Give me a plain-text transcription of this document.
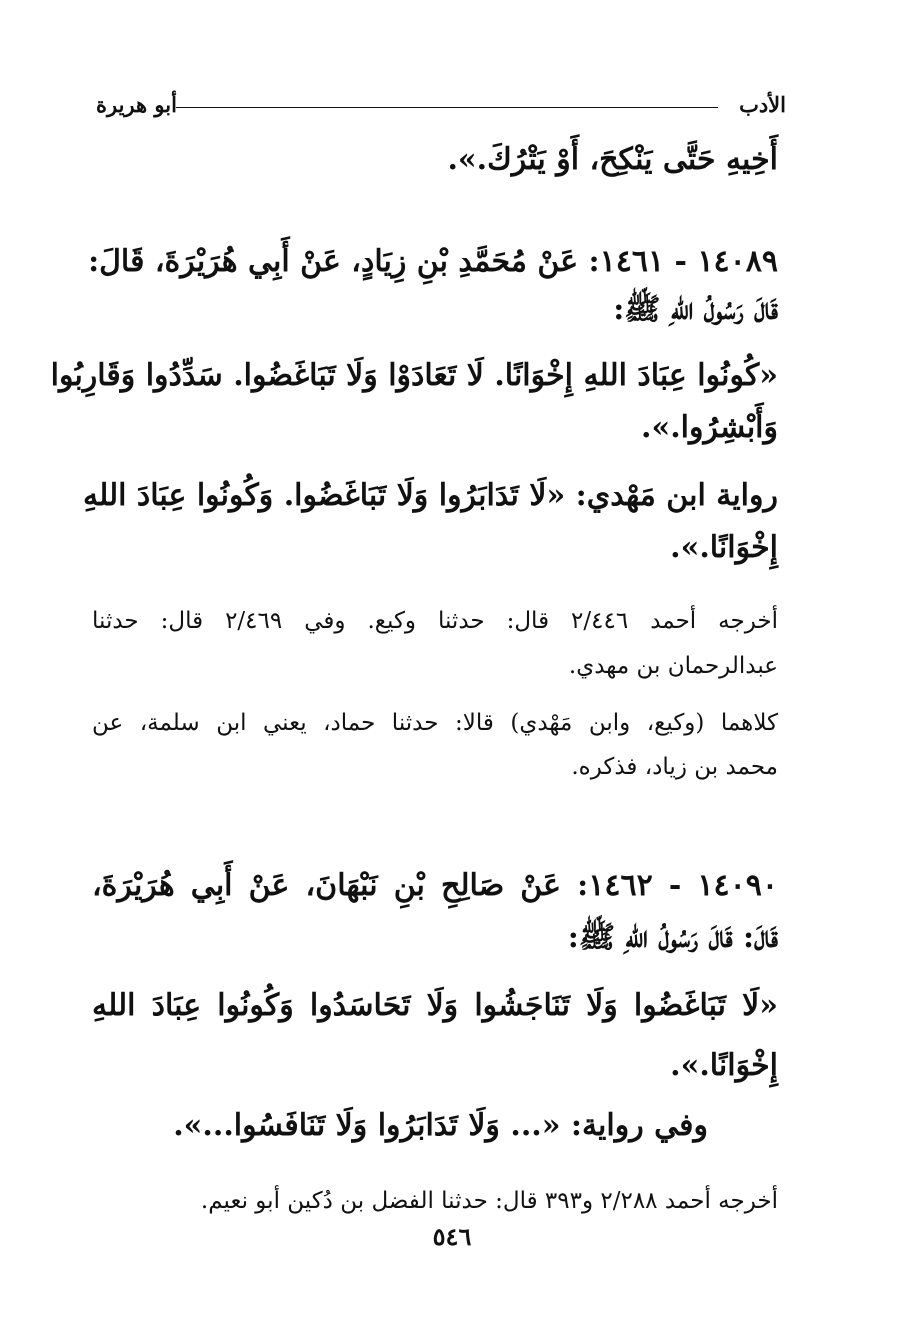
الأدب
أبو هريرة
أَخِيهِ حَتَّى يَنْكِحَ، أَوْ يَتْرُكَ.».
١٤٠٨٩ - ١٤٦١: عَنْ مُحَمَّدِ بْنِ زِيَادٍ، عَنْ أَبِي هُرَيْرَةَ، قَالَ:
قَالَ رَسُولُ اللهِ ﷺ:
«كُونُوا عِبَادَ اللهِ إِخْوَانًا. لَا تَعَادَوْا وَلَا تَبَاغَضُوا. سَدِّدُوا وَقَارِبُوا
وَأَبْشِرُوا.».
رواية ابن مَهْدي: «لَا تَدَابَرُوا وَلَا تَبَاغَضُوا. وَكُونُوا عِبَادَ اللهِ
إِخْوَانًا.».
أخرجه أحمد ٢/٤٤٦ قال: حدثنا وكيع. وفي ٢/٤٦٩ قال: حدثنا
عبدالرحمان بن مهدي.
كلاهما (وكيع، وابن مَهْدي) قالا: حدثنا حماد، يعني ابن سلمة، عن
محمد بن زياد، فذكره.
١٤٠٩٠ - ١٤٦٢: عَنْ صَالِحِ بْنِ نَبْهَانَ، عَنْ أَبِي هُرَيْرَةَ،
قَالَ: قَالَ رَسُولُ اللهِ ﷺ:
«لَا تَبَاغَضُوا وَلَا تَنَاجَشُوا وَلَا تَحَاسَدُوا وَكُونُوا عِبَادَ اللهِ
إِخْوَانًا.».
وفي رواية: «... وَلَا تَدَابَرُوا وَلَا تَنَافَسُوا...».
أخرجه أحمد ٢/٢٨٨ و٣٩٣ قال: حدثنا الفضل بن دُكين أبو نعيم.
٥٤٦
